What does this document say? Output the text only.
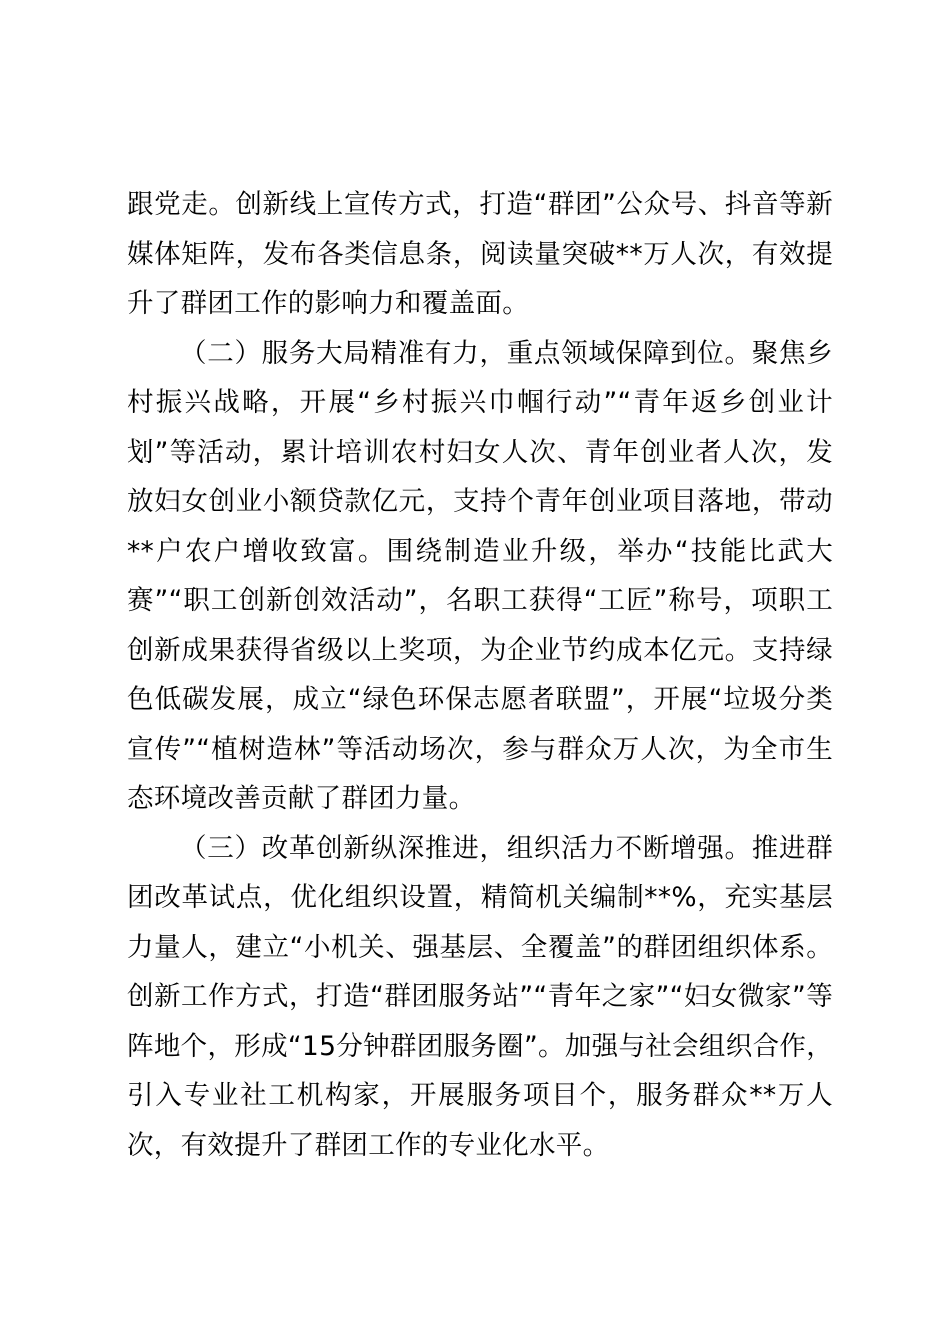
跟党走。创新线上宣传方式，打造“群团”公众号、抖音等新媒体矩阵，发布各类信息条，阅读量突破**万人次，有效提升了群团工作的影响力和覆盖面。

（二）服务大局精准有力，重点领域保障到位。聚焦乡村振兴战略，开展“乡村振兴巾帼行动”“青年返乡创业计划”等活动，累计培训农村妇女人次、青年创业者人次，发放妇女创业小额贷款亿元，支持个青年创业项目落地，带动**户农户增收致富。围绕制造业升级，举办“技能比武大赛”“职工创新创效活动”，名职工获得“工匠”称号，项职工创新成果获得省级以上奖项，为企业节约成本亿元。支持绿色低碳发展，成立“绿色环保志愿者联盟”，开展“垃圾分类宣传”“植树造林”等活动场次，参与群众万人次，为全市生态环境改善贡献了群团力量。

（三）改革创新纵深推进，组织活力不断增强。推进群团改革试点，优化组织设置，精简机关编制**%，充实基层力量人，建立“小机关、强基层、全覆盖”的群团组织体系。创新工作方式，打造“群团服务站”“青年之家”“妇女微家”等阵地个，形成“15分钟群团服务圈”。加强与社会组织合作，引入专业社工机构家，开展服务项目个，服务群众**万人次，有效提升了群团工作的专业化水平。
